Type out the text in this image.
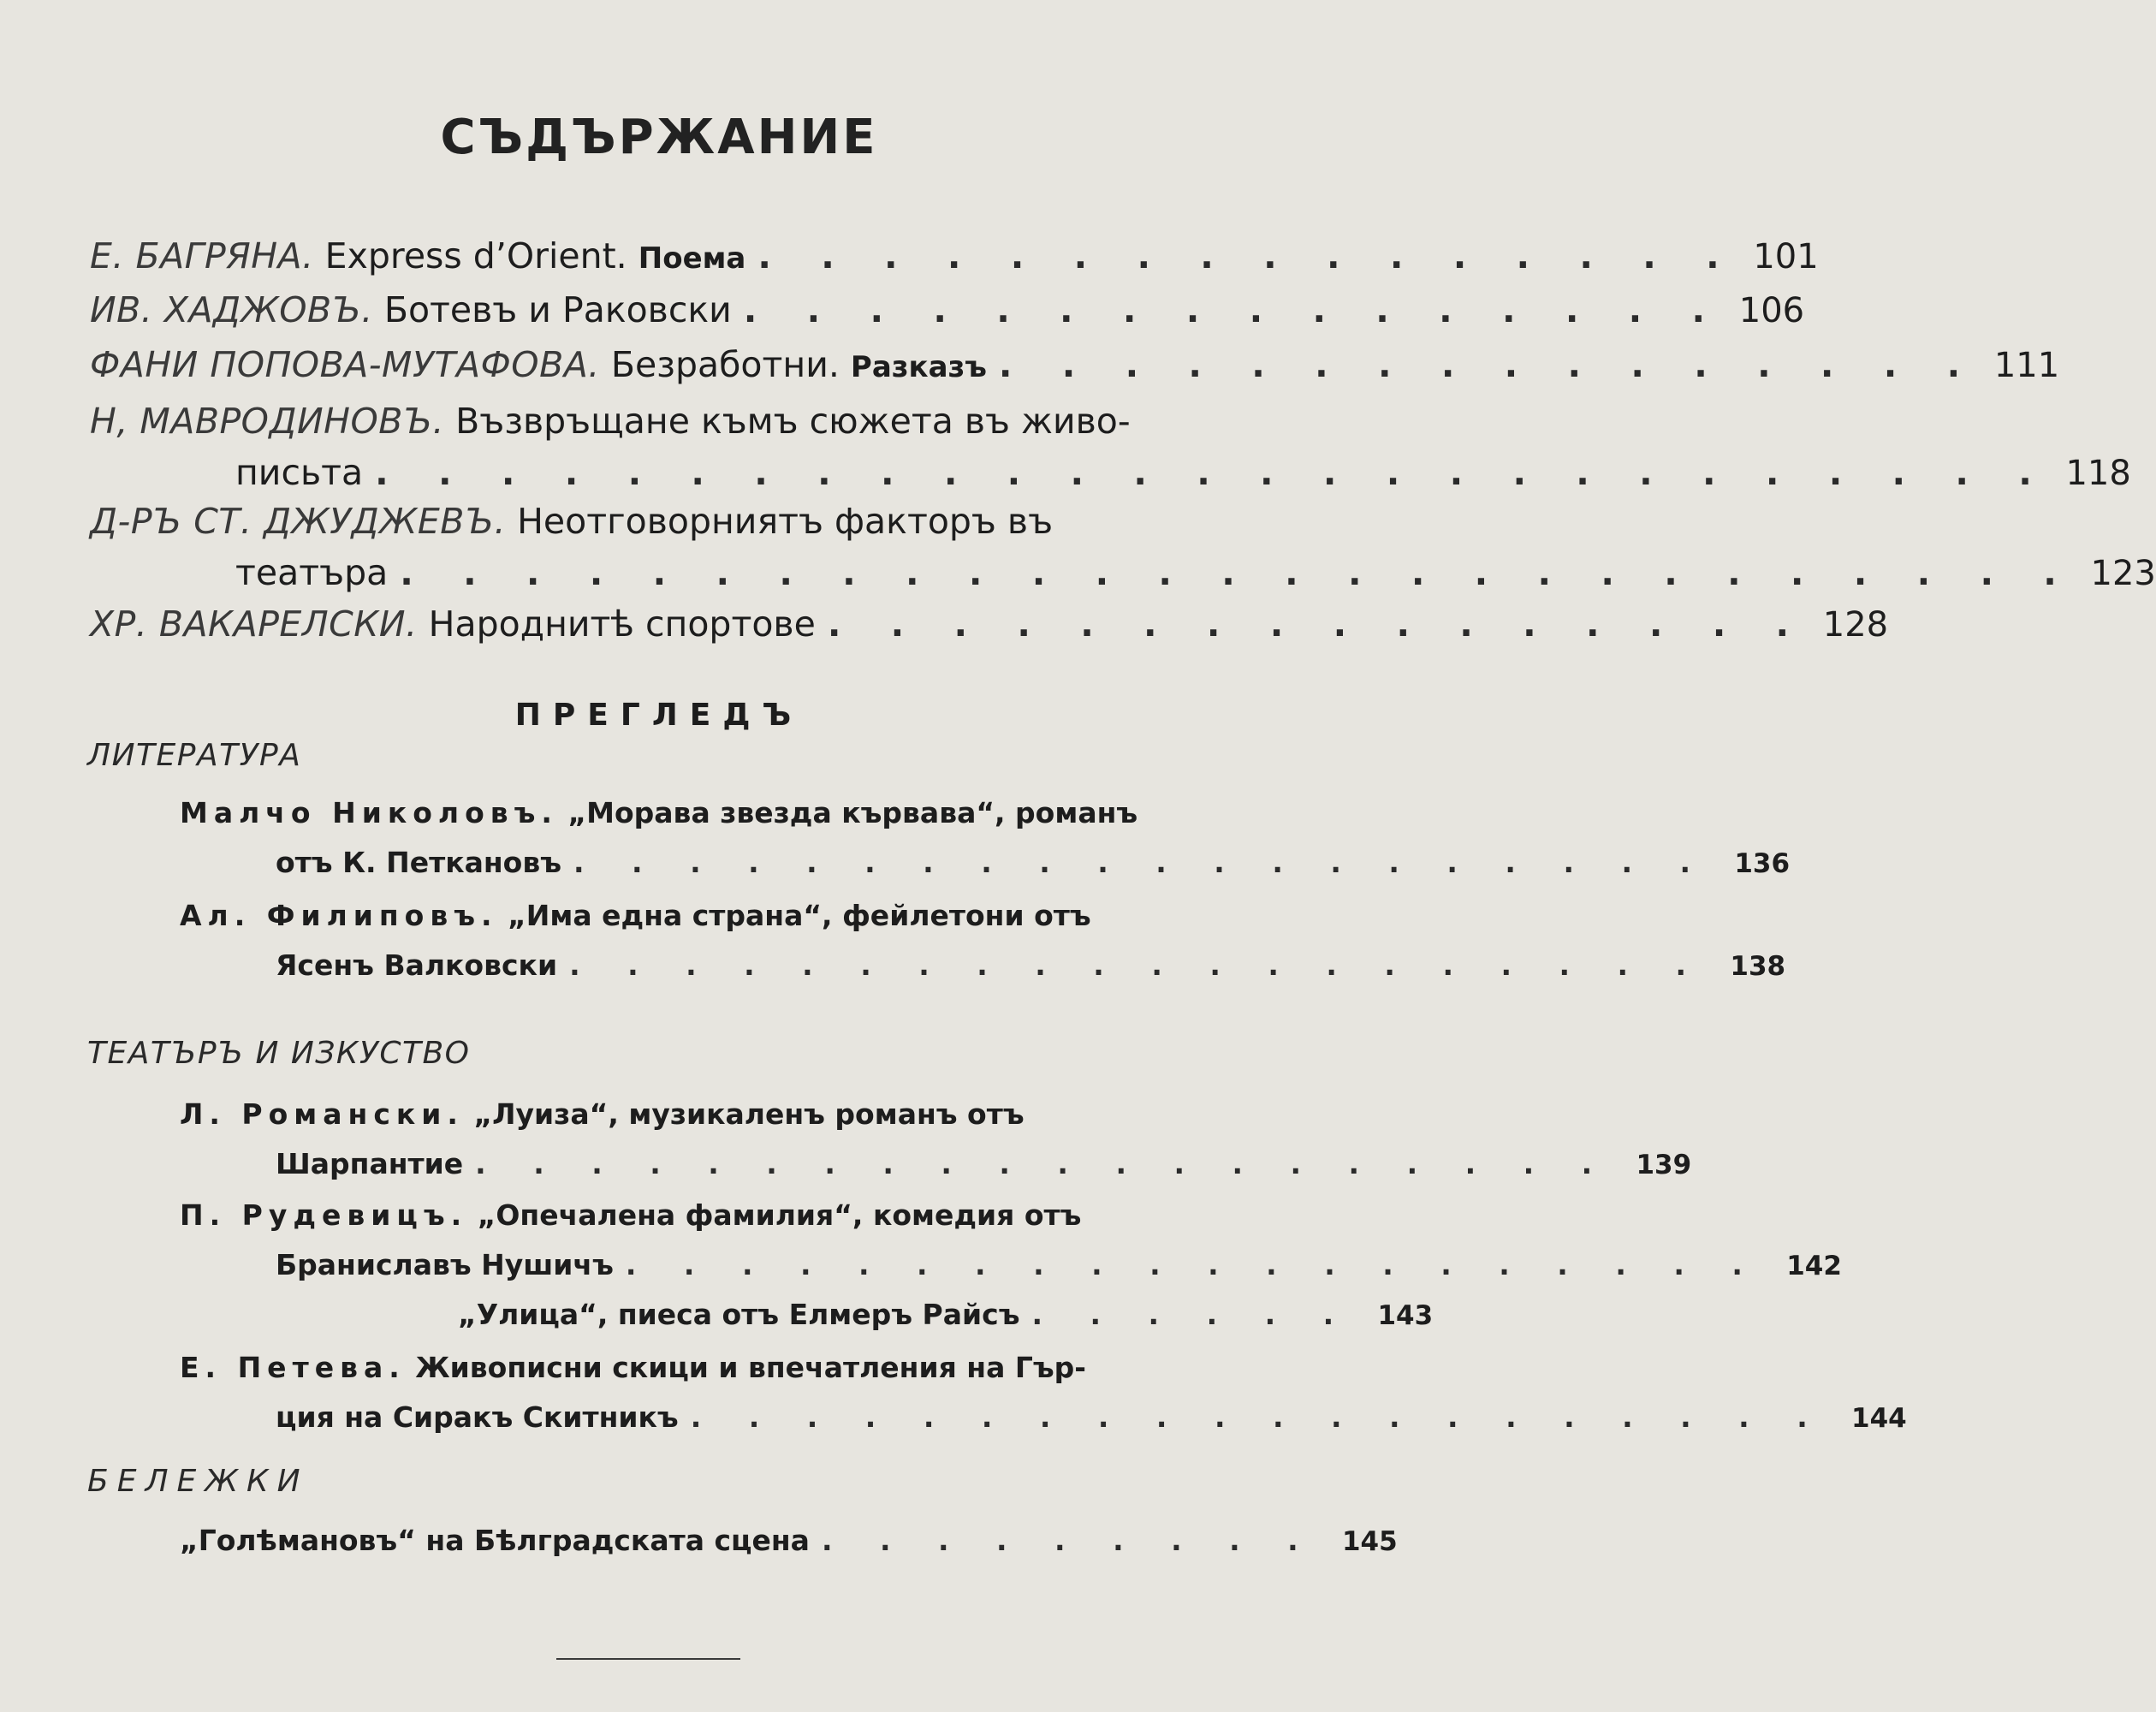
СЪДЪРЖАНИЕ
Е. БАГРЯНА.
Express d’Orient.
Поема . . . . . . . . . . . . . . . . 101
ИВ. ХАДЖОВЪ.
Ботевъ и Раковски . . . . . . . . . . . . . . . . 106
ФАНИ ПОПОВА-МУТАФОВА.
Безработни.
Разказъ . . . . . . . . . . . . . . . . 111
Н, МАВРОДИНОВЪ.
Възвръщане къмъ сюжета въ живо-
письта . . . . . . . . . . . . . . . . . . . . . . . . . . . 118
Д-РЪ СТ. ДЖУДЖЕВЪ.
Неотговорниятъ факторъ въ
театъра . . . . . . . . . . . . . . . . . . . . . . . . . . . 123
ХР. ВАКАРЕЛСКИ.
Народнитѣ спортове . . . . . . . . . . . . . . . . 128
ПРЕГЛЕДЪ
ЛИТЕРАТУРА
Малчо Николовъ.
„Морава звезда кървава“, романъ
отъ К. Петкановъ . . . . . . . . . . . . . . . . . . . . 136
Ал. Филиповъ.
„Има една страна“, фейлетони отъ
Ясенъ Валковски . . . . . . . . . . . . . . . . . . . . 138
ТЕАТЪРЪ И ИЗКУСТВО
Л. Романски.
„Луиза“, музикаленъ романъ отъ
Шарпантие . . . . . . . . . . . . . . . . . . . . 139
П. Рудевицъ.
„Опечалена фамилия“, комедия отъ
Браниславъ Нушичъ . . . . . . . . . . . . . . . . . . . . 142
„Улица“, пиеса отъ Елмеръ Райсъ . . . . . . 143
Е. Петева.
Живописни скици и впечатления на Гър-
ция на Сиракъ Скитникъ . . . . . . . . . . . . . . . . . . . . 144
БЕЛЕЖКИ
„Голѣмановъ“ на Бѣлградската сцена . . . . . . . . . 145
